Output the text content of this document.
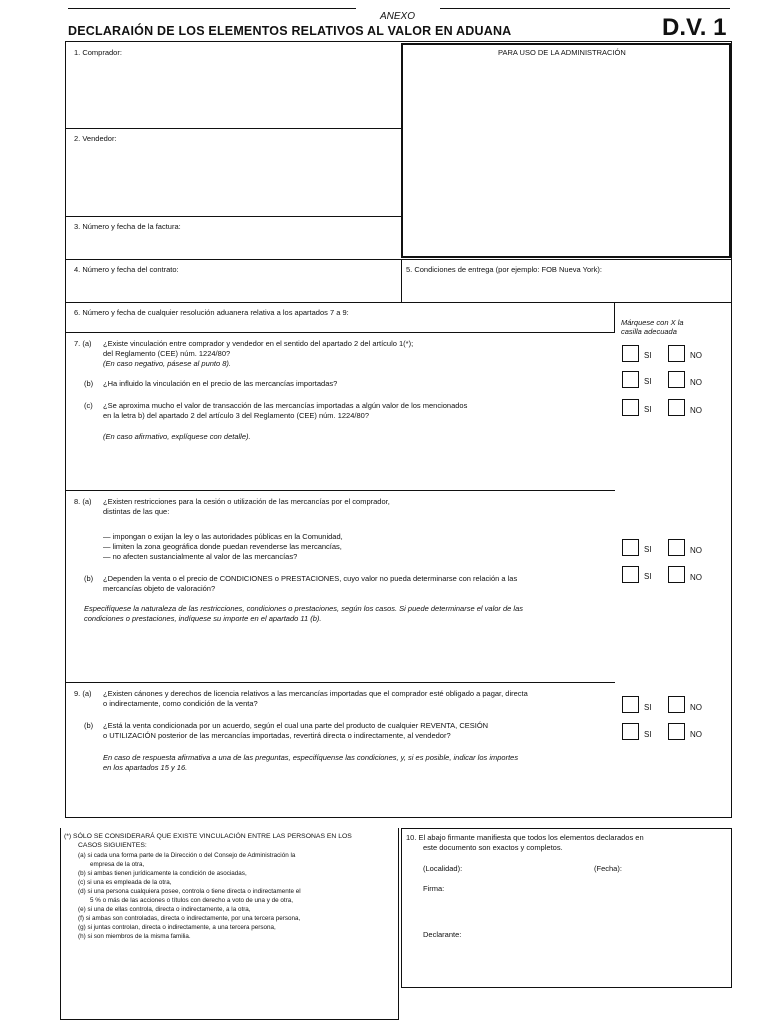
ANEXO
DECLARAIÓN DE LOS ELEMENTOS RELATIVOS AL VALOR EN ADUANA	D.V. 1
PARA USO DE LA ADMINISTRACIÓN
1. Comprador:
2. Vendedor:
3. Número y fecha de la factura:
4. Número y fecha del contrato:	5. Condiciones de entrega (por ejemplo: FOB Nueva York):
6. Número y fecha de cualquier resolución aduanera relativa a los apartados 7 a 9:
Márquese con X la
casilla adecuada
7. (a) ¿Existe vinculación entre comprador y vendedor en el sentido del apartado 2 del artículo 1(*);
del Reglamento (CEE) núm. 1224/80?
(En caso negativo, pásese al punto 8).
SI	NO
(b) ¿Ha influido la vinculación en el precio de las mercancías importadas?	SI	NO
(c) ¿Se aproxima mucho el valor de transacción de las mercancías importadas a algún valor de los mencionados
en la letra b) del apartado 2 del artículo 3 del Reglamento (CEE) núm. 1224/80?
SI	NO
(En caso afirmativo, explíquese con detalle).
8. (a) ¿Existen restricciones para la cesión o utilización de las mercancías por el comprador,
distintas de las que:
— impongan o exijan la ley o las autoridades públicas en la Comunidad,
— limiten la zona geográfica donde puedan revenderse las mercancías,
— no afecten sustancialmente al valor de las mercancías?
SI	NO
(b) ¿Dependen la venta o el precio de CONDICIONES o PRESTACIONES, cuyo valor no pueda determinarse con relación a las
mercancías objeto de valoración?
SI	NO
Especifíquese la naturaleza de las restricciones, condiciones o prestaciones, según los casos. Si puede determinarse el valor de las
condiciones o prestaciones, indíquese su importe en el apartado 11 (b).
9. (a) ¿Existen cánones y derechos de licencia relativos a las mercancías importadas que el comprador esté obligado a pagar, directa
o indirectamente, como condición de la venta?	SI	NO
(b) ¿Está la venta condicionada por un acuerdo, según el cual una parte del producto de cualquier REVENTA, CESIÓN
o UTILIZACIÓN posterior de las mercancías importadas, revertirá directa o indirectamente, al vendedor?	SI	NO
En caso de respuesta afirmativa a una de las preguntas, especifíquense las condiciones, y, si es posible, indicar los importes
en los apartados 15 y 16.
(*) SÓLO SE CONSIDERARÁ QUE EXISTE VINCULACIÓN ENTRE LAS PERSONAS EN LOS
CASOS SIGUIENTES:
(a) si cada una forma parte de la Dirección o del Consejo de Administración la
empresa de la otra,
(b) si ambas tienen jurídicamente la condición de asociadas,
(c) si una es empleada de la otra,
(d) si una persona cualquiera posee, controla o tiene directa o indirectamente el
5 % o más de las acciones o títulos con derecho a voto de una y de otra,
(e) si una de ellas controla, directa o indirectamente, a la otra,
(f) si ambas son controladas, directa o indirectamente, por una tercera persona,
(g) si juntas controlan, directa o indirectamente, a una tercera persona,
(h) si son miembros de la misma familia.
10. El abajo firmante manifiesta que todos los elementos declarados en
este documento son exactos y completos.
(Localidad):	(Fecha):
Firma:
Declarante:
